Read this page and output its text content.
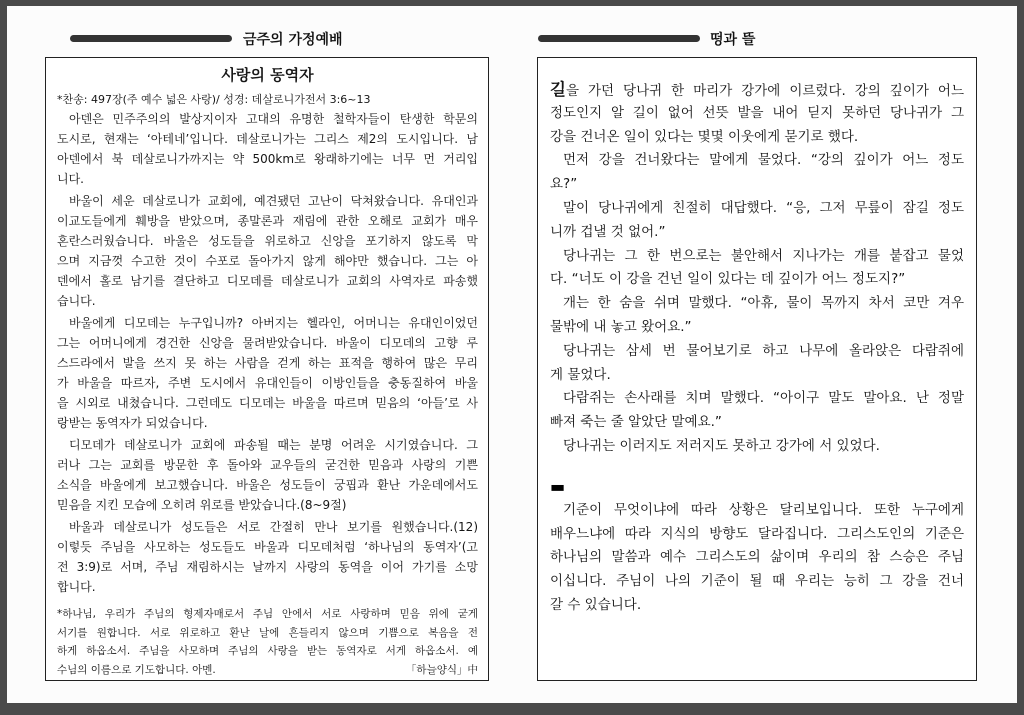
금주의 가정예배	떵과 뜰
사랑의 동역자
*찬송: 497장(주 예수 넓은 사랑)/ 성경: 데살로니가전서 3:6~13
아덴은 민주주의의 발상지이자 고대의 유명한 철학자들이 탄생한 학문의
도시로, 현재는 ‘아테네’입니다. 데살로니가는 그리스 제2의 도시입니다. 남
아덴에서 북 데살로니가까지는 약 500km로 왕래하기에는 너무 먼 거리입
니다.
바울이 세운 데살로니가 교회에, 예견됐던 고난이 닥쳐왔습니다. 유대인과
이교도들에게 훼방을 받았으며, 종말론과 재림에 관한 오해로 교회가 매우
혼란스러웠습니다. 바울은 성도들을 위로하고 신앙을 포기하지 않도록 막
으며 지금껏 수고한 것이 수포로 돌아가지 않게 해야만 했습니다. 그는 아
덴에서 홀로 남기를 결단하고 디모데를 데살로니가 교회의 사역자로 파송했
습니다.
바울에게 디모데는 누구입니까? 아버지는 헬라인, 어머니는 유대인이었던
그는 어머니에게 경건한 신앙을 물려받았습니다. 바울이 디모데의 고향 루
스드라에서 발을 쓰지 못 하는 사람을 걷게 하는 표적을 행하여 많은 무리
가 바울을 따르자, 주변 도시에서 유대인들이 이방인들을 충동질하여 바울
을 시외로 내쳤습니다. 그런데도 디모데는 바울을 따르며 믿음의 ‘아들’로 사
랑받는 동역자가 되었습니다.
디모데가 데살로니가 교회에 파송될 때는 분명 어려운 시기였습니다. 그
러나 그는 교회를 방문한 후 돌아와 교우들의 굳건한 믿음과 사랑의 기쁜
소식을 바울에게 보고했습니다. 바울은 성도들이 궁핍과 환난 가운데에서도
믿음을 지킨 모습에 오히려 위로를 받았습니다.(8~9절)
바울과 데살로니가 성도들은 서로 간절히 만나 보기를 원했습니다.(12)
이렇듯 주님을 사모하는 성도들도 바울과 디모데처럼 ‘하나님의 동역자’(고
전 3:9)로 서며, 주님 재림하시는 날까지 사랑의 동역을 이어 가기를 소망
합니다.
*하나님, 우리가 주님의 형제자매로서 주님 안에서 서로 사랑하며 믿음 위에 굳게
서기를 원합니다. 서로 위로하고 환난 날에 흔들리지 않으며 기쁨으로 복음을 전
하게 하옵소서. 주님을 사모하며 주님의 사랑을 받는 동역자로 서게 하옵소서. 예
수님의 이름으로 기도합니다. 아멘.	「하늘양식」中
길을 가던 당나귀 한 마리가 강가에 이르렀다. 강의 깊이가 어느
정도인지 알 길이 없어 선뜻 발을 내어 딛지 못하던 당나귀가 그
강을 건너온 일이 있다는 몇몇 이웃에게 묻기로 했다.
먼저 강을 건너왔다는 말에게 물었다. “강의 깊이가 어느 정도
요?”
말이 당나귀에게 친절히 대답했다. “응, 그저 무릎이 잠길 정도
니까 겁낼 것 없어.”
당나귀는 그 한 번으로는 불안해서 지나가는 개를 붙잡고 물었
다. “너도 이 강을 건넌 일이 있다는 데 깊이가 어느 정도지?”
개는 한 숨을 쉬며 말했다. “아휴, 물이 목까지 차서 코만 겨우
물밖에 내 놓고 왔어요.”
당나귀는 삼세 번 물어보기로 하고 나무에 올라앉은 다람쥐에
게 물었다.
다람쥐는 손사래를 치며 말했다. “아이구 말도 말아요. 난 정말
빠져 죽는 줄 알았단 말예요.”
당나귀는 이러지도 저러지도 못하고 강가에 서 있었다.
▬
기준이 무엇이냐에 따라 상황은 달리보입니다. 또한 누구에게
배우느냐에 따라 지식의 방향도 달라집니다. 그리스도인의 기준은
하나님의 말씀과 예수 그리스도의 삶이며 우리의 참 스승은 주님
이십니다. 주님이 나의 기준이 될 때 우리는 능히 그 강을 건너
갈 수 있습니다.
